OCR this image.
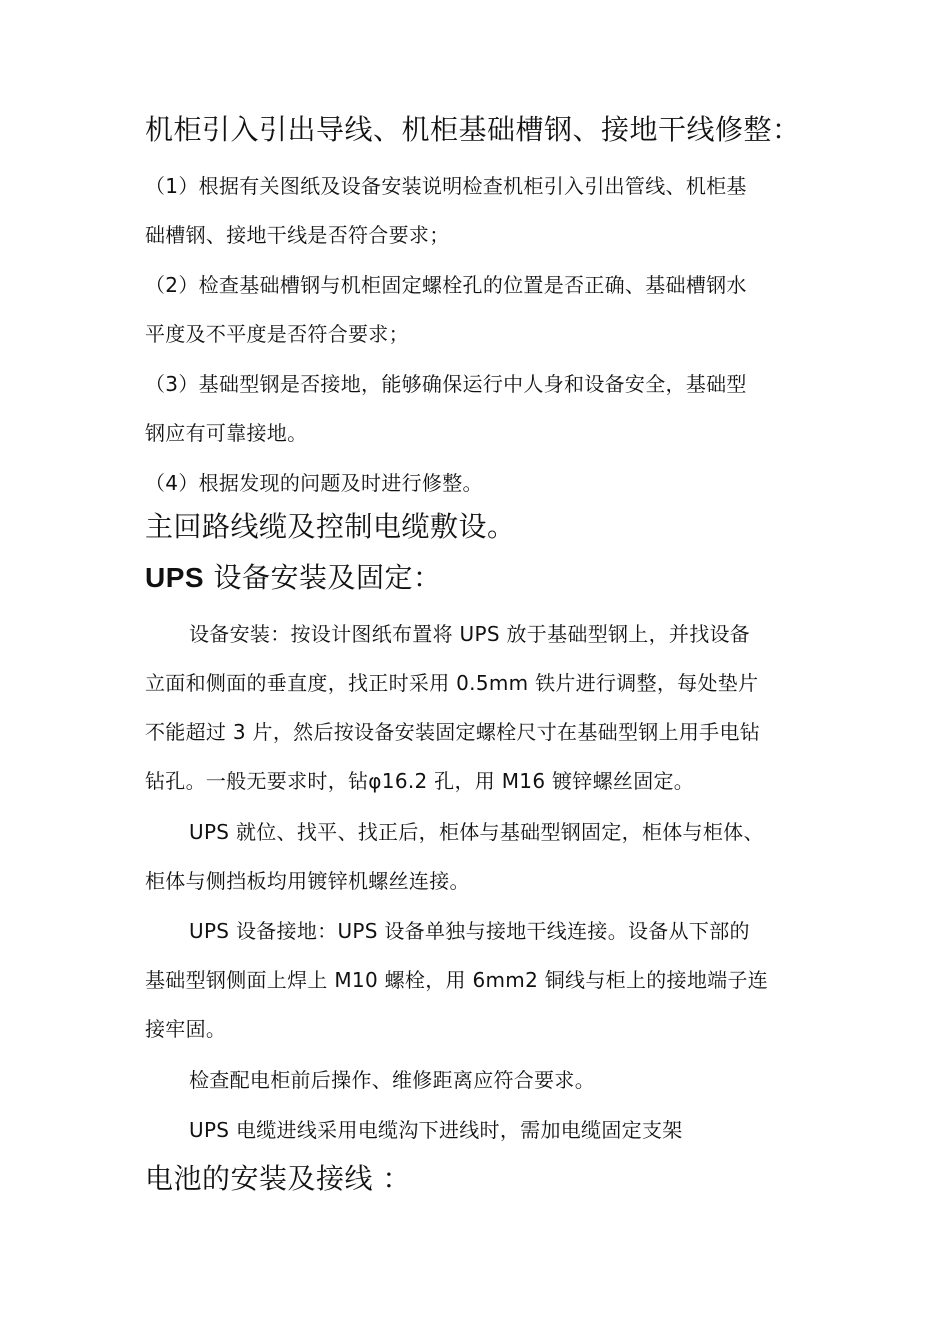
机柜引入引出导线、机柜基础槽钢、接地干线修整：

（1）根据有关图纸及设备安装说明检查机柜引入引出管线、机柜基
础槽钢、接地干线是否符合要求；
（2）检查基础槽钢与机柜固定螺栓孔的位置是否正确、基础槽钢水
平度及不平度是否符合要求；
（3）基础型钢是否接地，能够确保运行中人身和设备安全，基础型
钢应有可靠接地。
（4）根据发现的问题及时进行修整。

主回路线缆及控制电缆敷设。

UPS 设备安装及固定：

设备安装：按设计图纸布置将 UPS 放于基础型钢上，并找设备
立面和侧面的垂直度，找正时采用 0.5mm 铁片进行调整，每处垫片
不能超过 3 片，然后按设备安装固定螺栓尺寸在基础型钢上用手电钻
钻孔。一般无要求时，钻φ16.2 孔，用 M16 镀锌螺丝固定。
UPS 就位、找平、找正后，柜体与基础型钢固定，柜体与柜体、
柜体与侧挡板均用镀锌机螺丝连接。
UPS 设备接地：UPS 设备单独与接地干线连接。设备从下部的
基础型钢侧面上焊上 M10 螺栓，用 6mm2 铜线与柜上的接地端子连
接牢固。
检查配电柜前后操作、维修距离应符合要求。
UPS 电缆进线采用电缆沟下进线时，需加电缆固定支架

电池的安装及接线 ：
